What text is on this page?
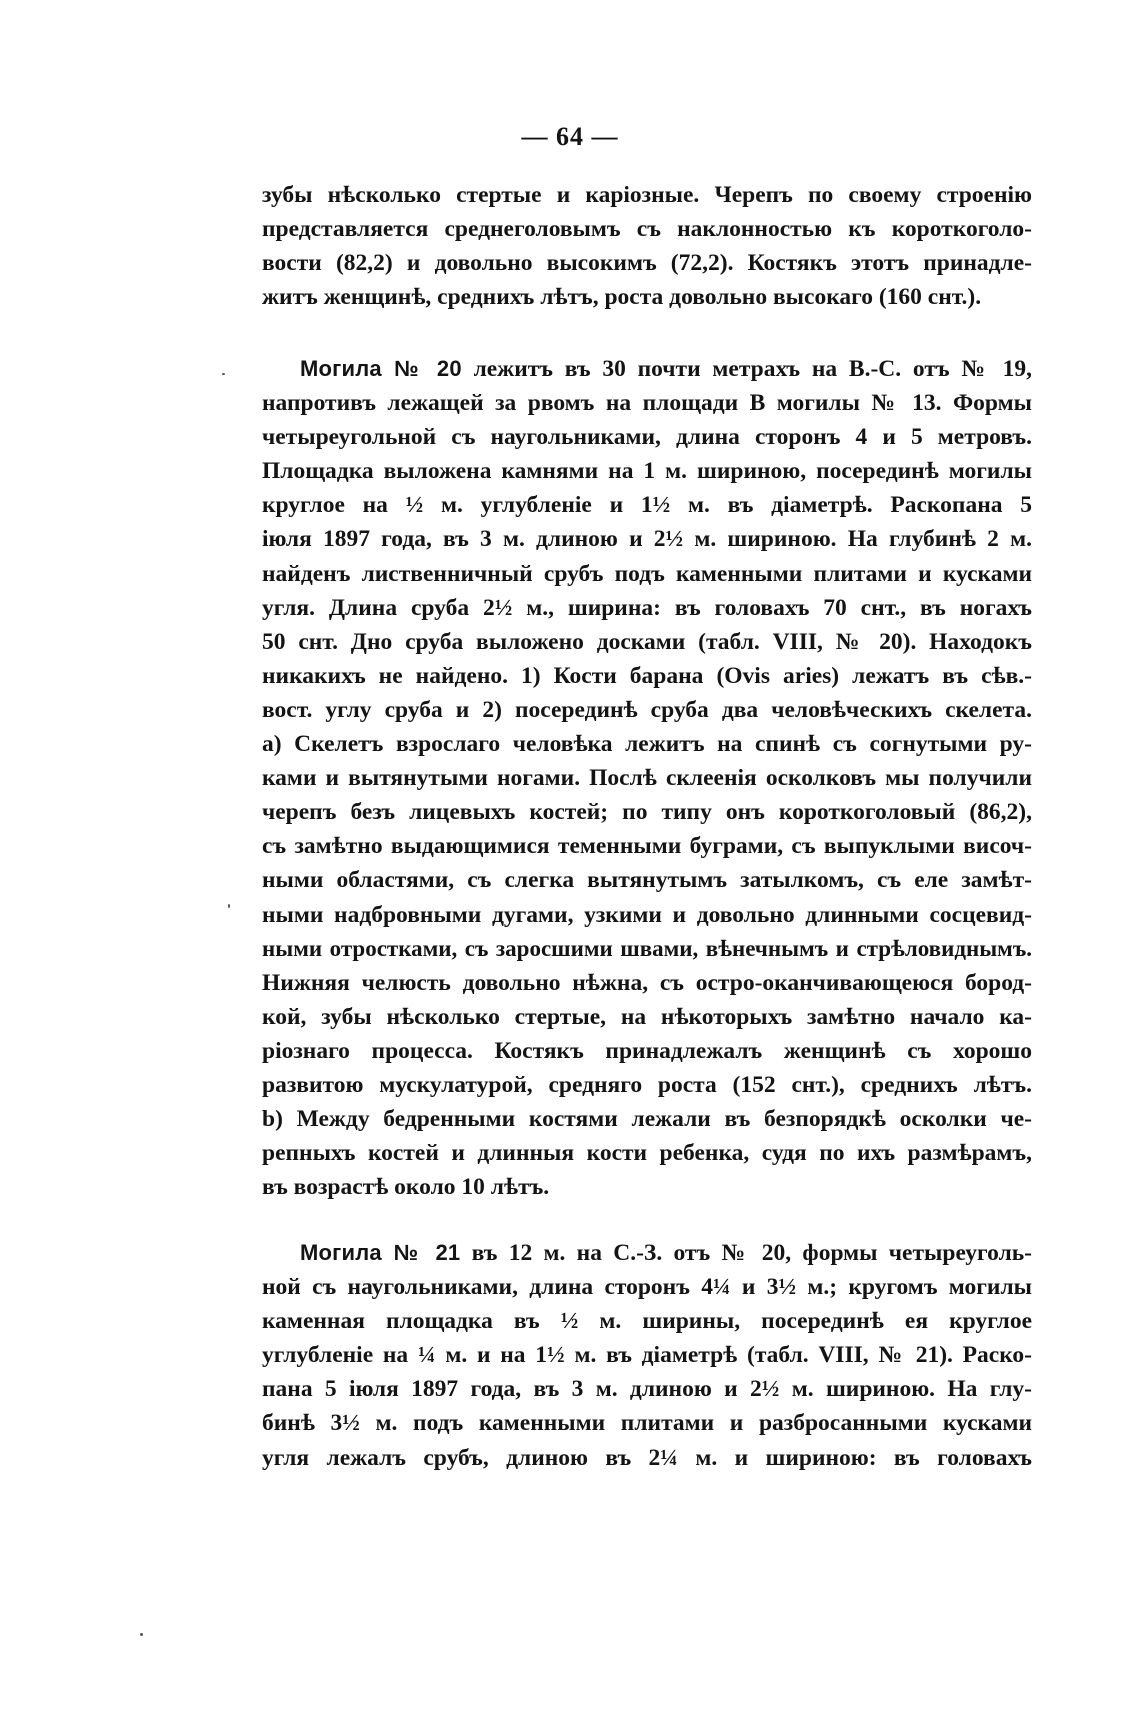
— 64 —
зубы нѣсколько стертые и каріозные. Черепъ по своему строенію
представляется среднеголовымъ съ наклонностью къ короткоголо-
вости (82,2) и довольно высокимъ (72,2). Костякъ этотъ принадле-
житъ женщинѣ, среднихъ лѣтъ, роста довольно высокаго (160 снт.).
Могила № 20 лежитъ въ 30 почти метрахъ на В.-С. отъ № 19,
напротивъ лежащей за рвомъ на площади В могилы № 13. Формы
четыреугольной съ наугольниками, длина сторонъ 4 и 5 метровъ.
Площадка выложена камнями на 1 м. шириною, посерединѣ могилы
круглое на ½ м. углубленіе и 1½ м. въ діаметрѣ. Раскопана 5
іюля 1897 года, въ 3 м. длиною и 2½ м. шириною. На глубинѣ 2 м.
найденъ лиственничный срубъ подъ каменными плитами и кусками
угля. Длина сруба 2½ м., ширина: въ головахъ 70 снт., въ ногахъ
50 снт. Дно сруба выложено досками (табл. VIII, № 20). Находокъ
никакихъ не найдено. 1) Кости барана (Ovis aries) лежатъ въ сѣв.-
вост. углу сруба и 2) посерединѣ сруба два человѣческихъ скелета.
a) Скелетъ взрослаго человѣка лежитъ на спинѣ съ согнутыми ру-
ками и вытянутыми ногами. Послѣ склеенія осколковъ мы получили
черепъ безъ лицевыхъ костей; по типу онъ короткоголовый (86,2),
съ замѣтно выдающимися теменными буграми, съ выпуклыми височ-
ными областями, съ слегка вытянутымъ затылкомъ, съ еле замѣт-
ными надбровными дугами, узкими и довольно длинными сосцевид-
ными отростками, съ заросшими швами, вѣнечнымъ и стрѣловиднымъ.
Нижняя челюсть довольно нѣжна, съ остро-оканчивающеюся бород-
кой, зубы нѣсколько стертые, на нѣкоторыхъ замѣтно начало ка-
ріознаго процесса. Костякъ принадлежалъ женщинѣ съ хорошо
развитою мускулатурой, средняго роста (152 снт.), среднихъ лѣтъ.
b) Между бедренными костями лежали въ безпорядкѣ осколки че-
репныхъ костей и длинныя кости ребенка, судя по ихъ размѣрамъ,
въ возрастѣ около 10 лѣтъ.
Могила № 21 въ 12 м. на С.-З. отъ № 20, формы четыреуголь-
ной съ наугольниками, длина сторонъ 4¼ и 3½ м.; кругомъ могилы
каменная площадка въ ½ м. ширины, посерединѣ ея круглое
углубленіе на ¼ м. и на 1½ м. въ діаметрѣ (табл. VIII, № 21). Раско-
пана 5 іюля 1897 года, въ 3 м. длиною и 2½ м. шириною. На глу-
бинѣ 3½ м. подъ каменными плитами и разбросанными кусками
угля лежалъ срубъ, длиною въ 2¼ м. и шириною: въ головахъ
